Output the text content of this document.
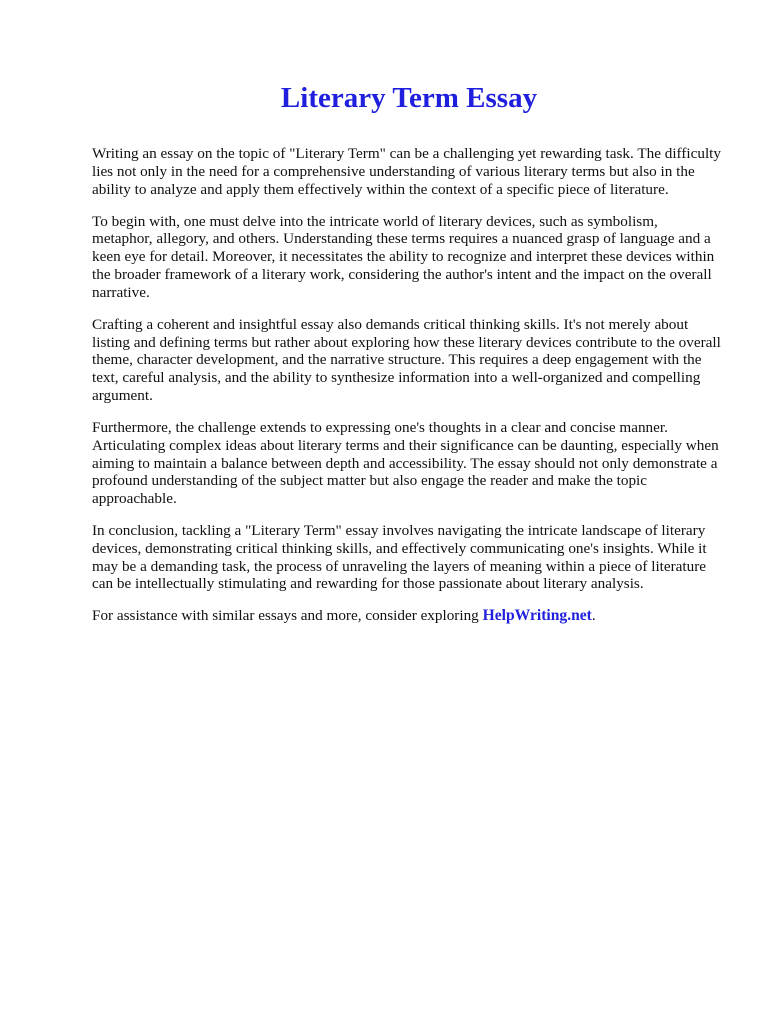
Literary Term Essay

Writing an essay on the topic of "Literary Term" can be a challenging yet rewarding task. The difficulty lies not only in the need for a comprehensive understanding of various literary terms but also in the ability to analyze and apply them effectively within the context of a specific piece of literature.

To begin with, one must delve into the intricate world of literary devices, such as symbolism, metaphor, allegory, and others. Understanding these terms requires a nuanced grasp of language and a keen eye for detail. Moreover, it necessitates the ability to recognize and interpret these devices within the broader framework of a literary work, considering the author's intent and the impact on the overall narrative.

Crafting a coherent and insightful essay also demands critical thinking skills. It's not merely about listing and defining terms but rather about exploring how these literary devices contribute to the overall theme, character development, and the narrative structure. This requires a deep engagement with the text, careful analysis, and the ability to synthesize information into a well-organized and compelling argument.

Furthermore, the challenge extends to expressing one's thoughts in a clear and concise manner. Articulating complex ideas about literary terms and their significance can be daunting, especially when aiming to maintain a balance between depth and accessibility. The essay should not only demonstrate a profound understanding of the subject matter but also engage the reader and make the topic approachable.

In conclusion, tackling a "Literary Term" essay involves navigating the intricate landscape of literary devices, demonstrating critical thinking skills, and effectively communicating one's insights. While it may be a demanding task, the process of unraveling the layers of meaning within a piece of literature can be intellectually stimulating and rewarding for those passionate about literary analysis.

For assistance with similar essays and more, consider exploring HelpWriting.net.
